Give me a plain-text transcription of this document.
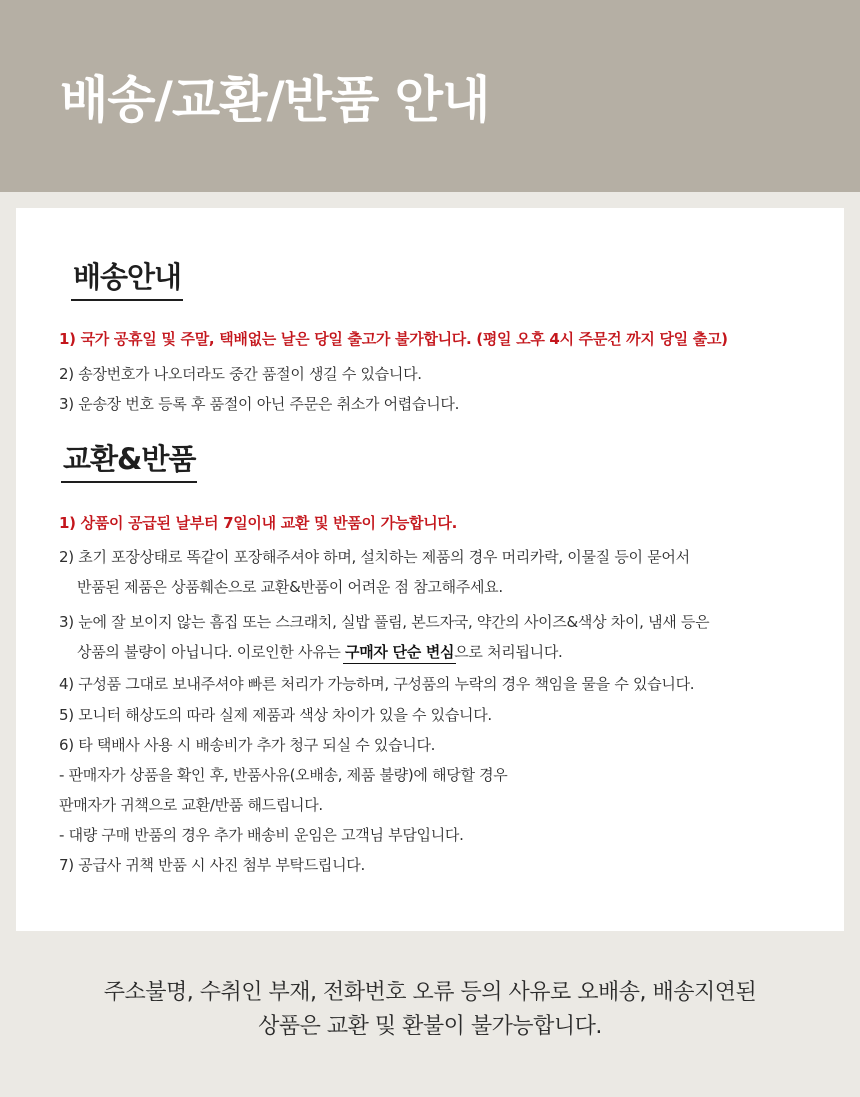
배송/교환/반품 안내
배송안내
1) 국가 공휴일 및 주말, 택배없는 날은 당일 출고가 불가합니다. (평일 오후 4시 주문건 까지 당일 출고)
2) 송장번호가 나오더라도 중간 품절이 생길 수 있습니다.
3) 운송장 번호 등록 후 품절이 아닌 주문은 취소가 어렵습니다.
교환&반품
1) 상품이 공급된 날부터 7일이내 교환 및 반품이 가능합니다.
2) 초기 포장상태로 똑같이 포장해주셔야 하며, 설치하는 제품의 경우 머리카락, 이물질 등이 묻어서
반품된 제품은 상품훼손으로 교환&반품이 어려운 점 참고해주세요.
3) 눈에 잘 보이지 않는 흠집 또는 스크래치, 실밥 풀림, 본드자국, 약간의 사이즈&색상 차이, 냄새 등은
상품의 불량이 아닙니다. 이로인한 사유는 구매자 단순 변심
으로 처리됩니다.
4) 구성품 그대로 보내주셔야 빠른 처리가 가능하며, 구성품의 누락의 경우 책임을 물을 수 있습니다.
5) 모니터 해상도의 따라 실제 제품과 색상 차이가 있을 수 있습니다.
6) 타 택배사 사용 시 배송비가 추가 청구 되실 수 있습니다.
- 판매자가 상품을 확인 후, 반품사유(오배송, 제품 불량)에 해당할 경우
판매자가 귀책으로 교환/반품 해드립니다.
- 대량 구매 반품의 경우 추가 배송비 운임은 고객님 부담입니다.
7) 공급사 귀책 반품 시 사진 첨부 부탁드립니다.
주소불명, 수취인 부재, 전화번호 오류 등의 사유로 오배송, 배송지연된
상품은 교환 및 환불이 불가능합니다.
